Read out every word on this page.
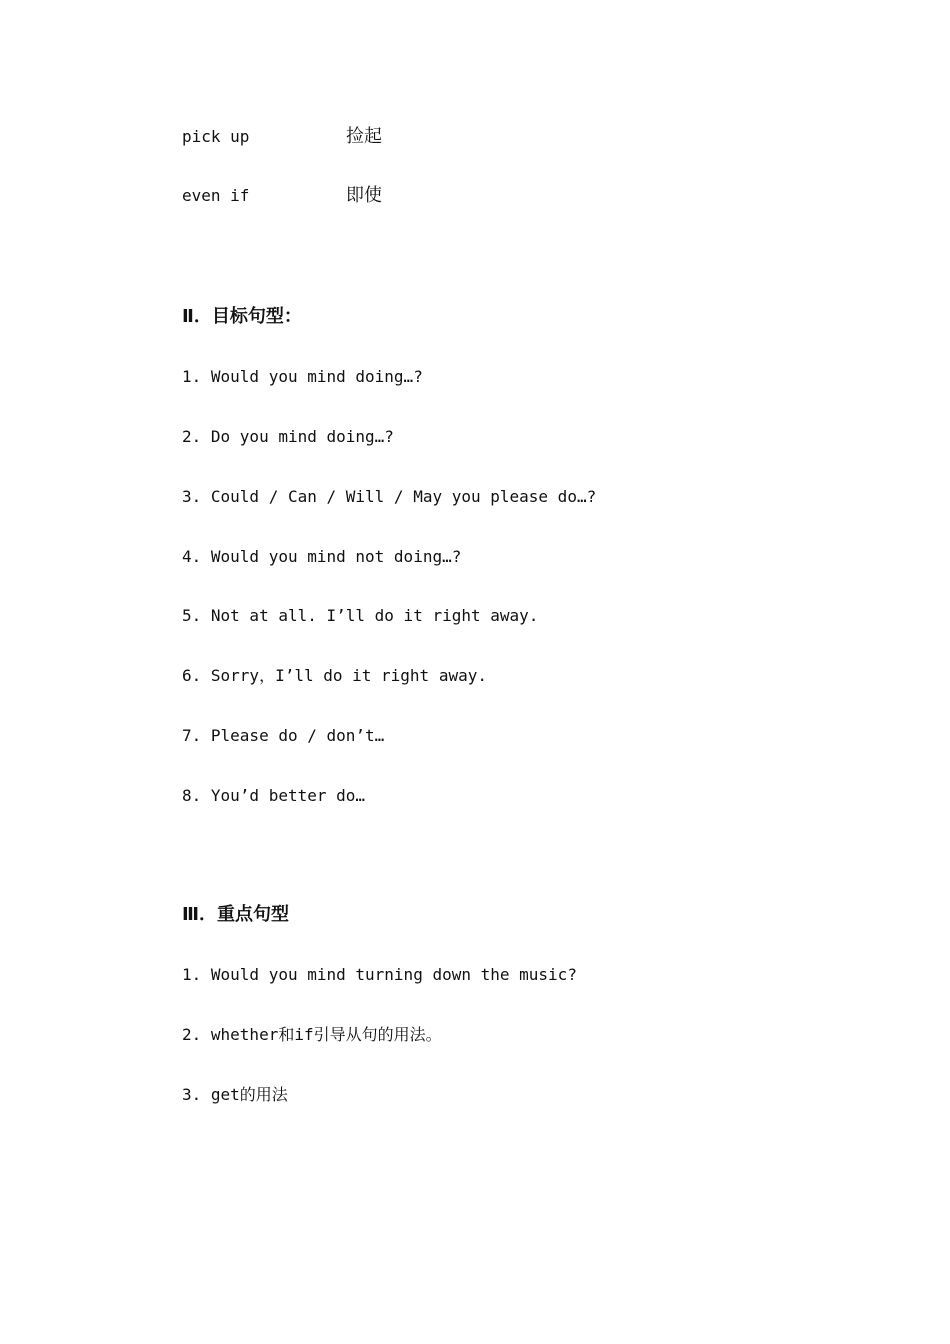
pick up	捡起
even if	即使
Ⅱ．目标句型：
1. Would you mind doing…?
2. Do you mind doing…?
3. Could / Can / Will / May you please do…?
4. Would you mind not doing…?
5. Not at all. I’ll do it right away.
6. Sorry，I’ll do it right away.
7. Please do / don’t…
8. You’d better do…
Ⅲ．重点句型
1. Would you mind turning down the music?
2. whether和if引导从句的用法。
3. get的用法
